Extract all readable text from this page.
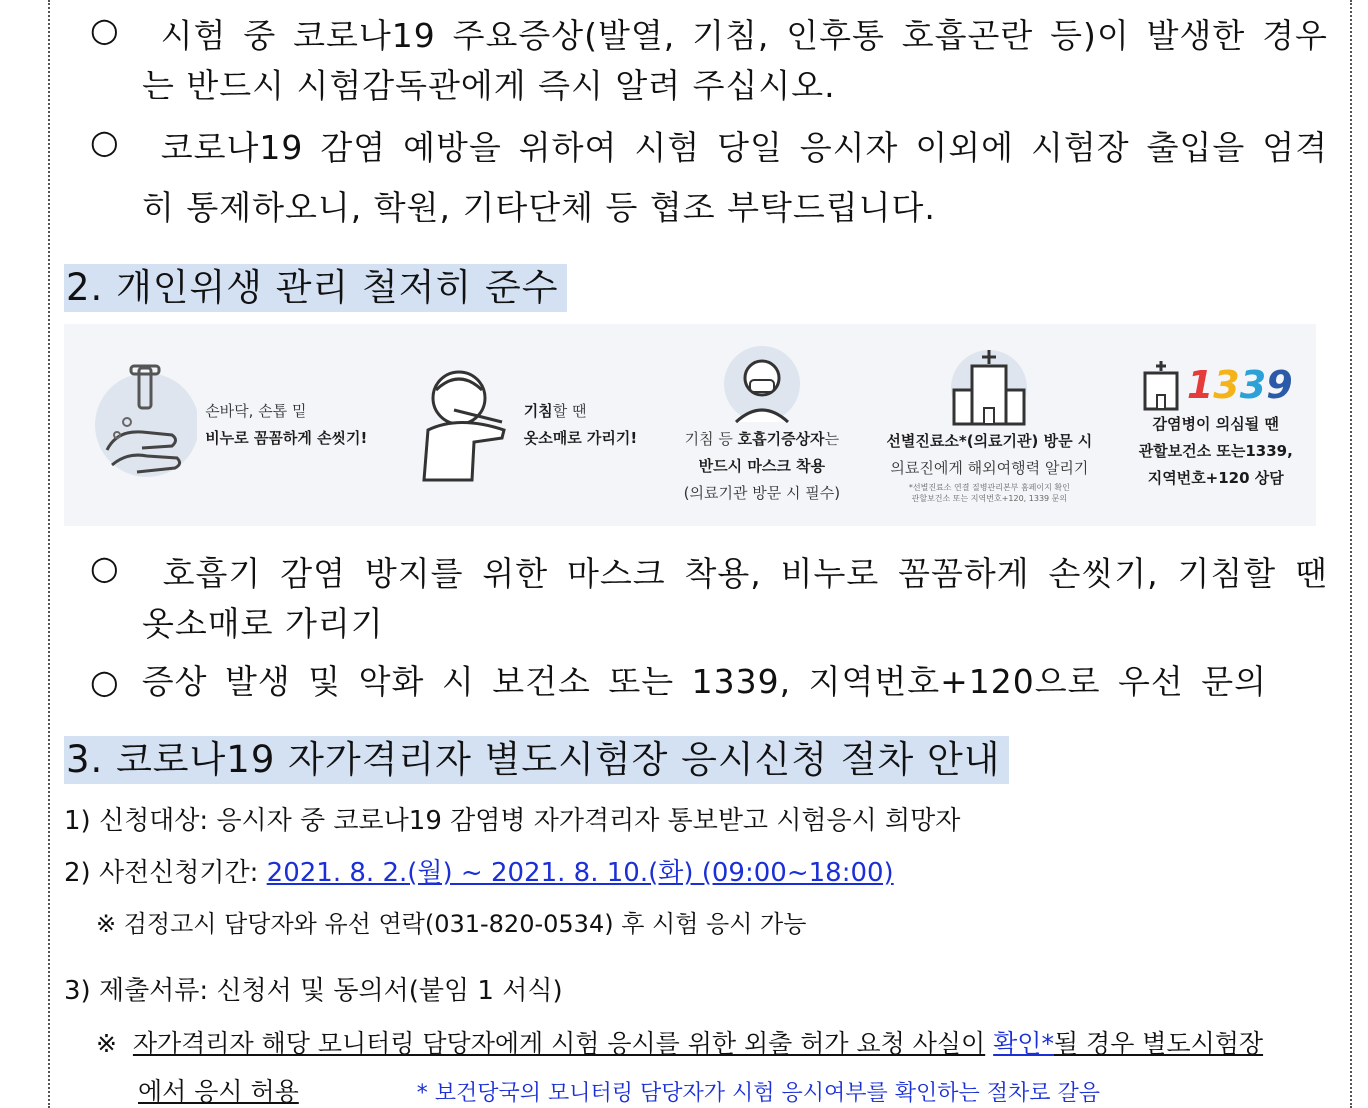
○ 시험 중 코로나19 주요증상(발열, 기침, 인후통 호흡곤란 등)이 발생한 경우
는 반드시 시험감독관에게 즉시 알려 주십시오.
○ 코로나19 감염 예방을 위하여 시험 당일 응시자 이외에 시험장 출입을 엄격
히 통제하오니, 학원, 기타단체 등 협조 부탁드립니다.
2. 개인위생 관리 철저히 준수
손바닥, 손톱 밑
비누로 꼼꼼하게 손씻기!
기침할 땐
옷소매로 가리기!	기침 등 호흡기증상자는
반드시 마스크 착용
(의료기관 방문 시 필수)
선별진료소*(의료기관) 방문 시
의료진에게 해외여행력 알리기
*선별진료소 연결 질병관리본부 홈페이지 확인
관할보건소 또는 지역번호+120, 1339 문의
1339
감염병이 의심될 땐
관할보건소 또는1339,
지역번호+120 상담
○ 호흡기 감염 방지를 위한 마스크 착용, 비누로 꼼꼼하게 손씻기, 기침할 땐
옷소매로 가리기
○ 증상 발생 및 악화 시 보건소 또는 1339, 지역번호+120으로 우선 문의
3. 코로나19 자가격리자 별도시험장 응시신청 절차 안내
1) 신청대상: 응시자 중 코로나19 감염병 자가격리자 통보받고 시험응시 희망자
2) 사전신청기간: 2021. 8. 2.(월) ~ 2021. 8. 10.(화) (09:00~18:00)
※ 검정고시 담당자와 유선 연락(031-820-0534) 후 시험 응시 가능
3) 제출서류: 신청서 및 동의서(붙임 1 서식)
※ 자가격리자 해당 모니터링 담당자에게 시험 응시를 위한 외출 허가 요청 사실이 확인*될 경우 별도시험장
에서 응시 허용	* 보건당국의 모니터링 담당자가 시험 응시여부를 확인하는 절차로 갈음
